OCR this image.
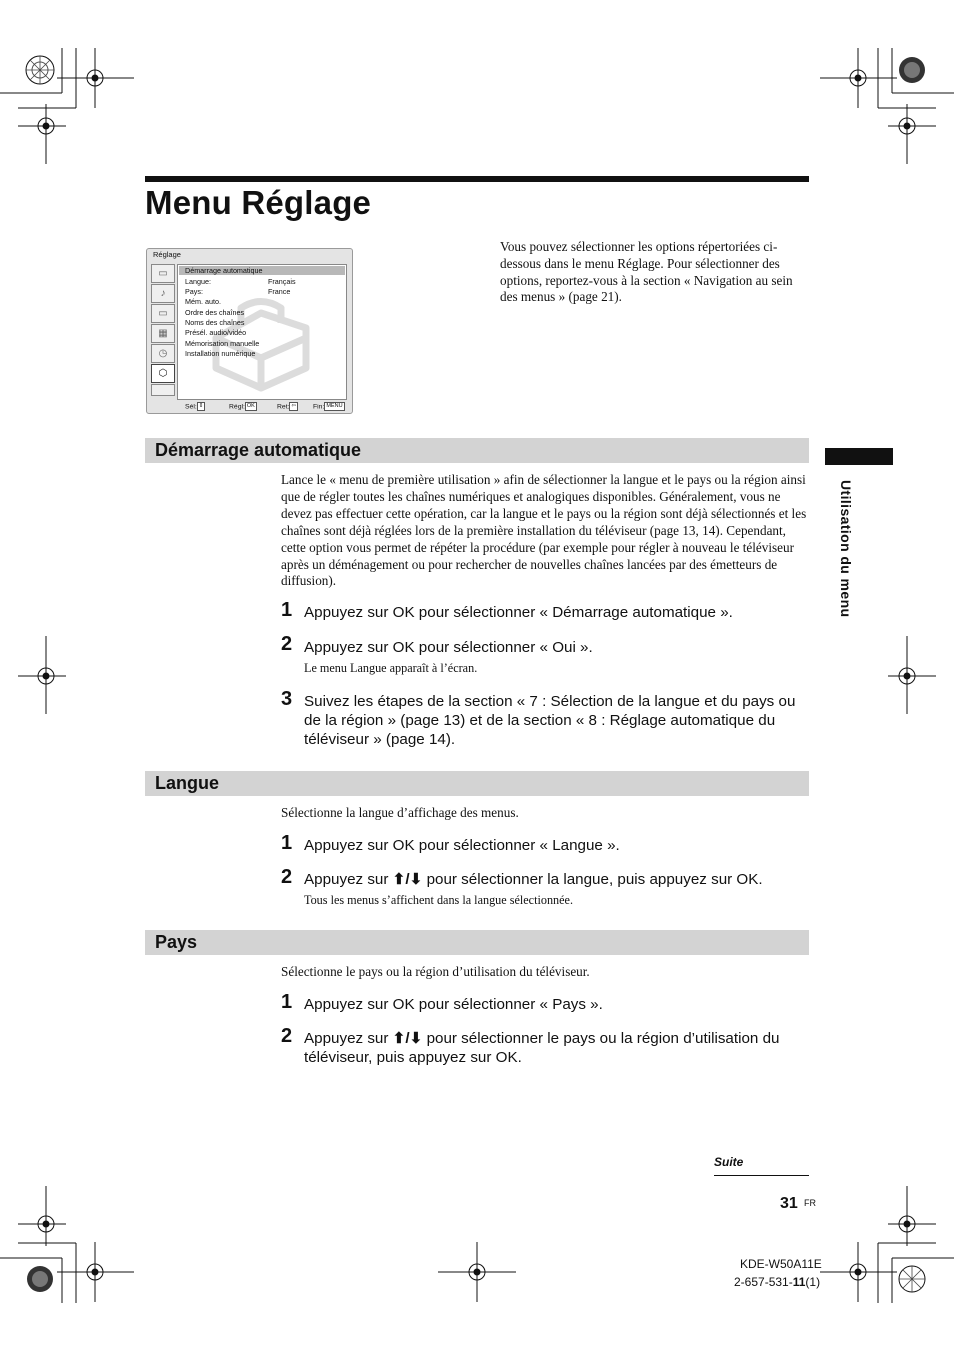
Menu Réglage
Réglage
▭
♪
▭
▦
◷
⬡
Démarrage automatique
Langue:	Français
Pays:	France
Mém. auto.
Ordre des chaînes
Noms des chaînes
Présél. audio/vidéo
Mémorisation manuelle
Installation numérique
Sél: ⇕	Régl: OK	Ret: ⇦ Fin: MENU
Vous pouvez sélectionner les options répertoriées ci-dessous dans le menu Réglage. Pour sélectionner des options, reportez-vous à la section « Navigation au sein des menus » (page 21).
Démarrage automatique
Lance le « menu de première utilisation » afin de sélectionner la langue et le pays ou la région ainsi que de régler toutes les chaînes numériques et analogiques disponibles. Généralement, vous ne devez pas effectuer cette opération, car la langue et le pays ou la région sont déjà sélectionnés et les chaînes sont déjà réglées lors de la première installation du téléviseur (page 13, 14). Cependant, cette option vous permet de répéter la procédure (par exemple pour régler à nouveau le téléviseur après un déménagement ou pour rechercher de nouvelles chaînes lancées par des émetteurs de diffusion).
1 Appuyez sur OK pour sélectionner « Démarrage automatique ».
2 Appuyez sur OK pour sélectionner « Oui ».
Le menu Langue apparaît à l’écran.
3 Suivez les étapes de la section « 7 : Sélection de la langue et du pays ou de la région » (page 13) et de la section « 8 : Réglage automatique du téléviseur » (page 14).
Langue
Sélectionne la langue d’affichage des menus.
1 Appuyez sur OK pour sélectionner « Langue ».
2 Appuyez sur ⬆/⬇ pour sélectionner la langue, puis appuyez sur OK.
Tous les menus s’affichent dans la langue sélectionnée.
Pays
Sélectionne le pays ou la région d’utilisation du téléviseur.
1 Appuyez sur OK pour sélectionner « Pays ».
2 Appuyez sur ⬆/⬇ pour sélectionner le pays ou la région d’utilisation du téléviseur, puis appuyez sur OK.
Utilisation du menu
Suite
31 FR
KDE-W50A11E
2-657-531-11(1)
